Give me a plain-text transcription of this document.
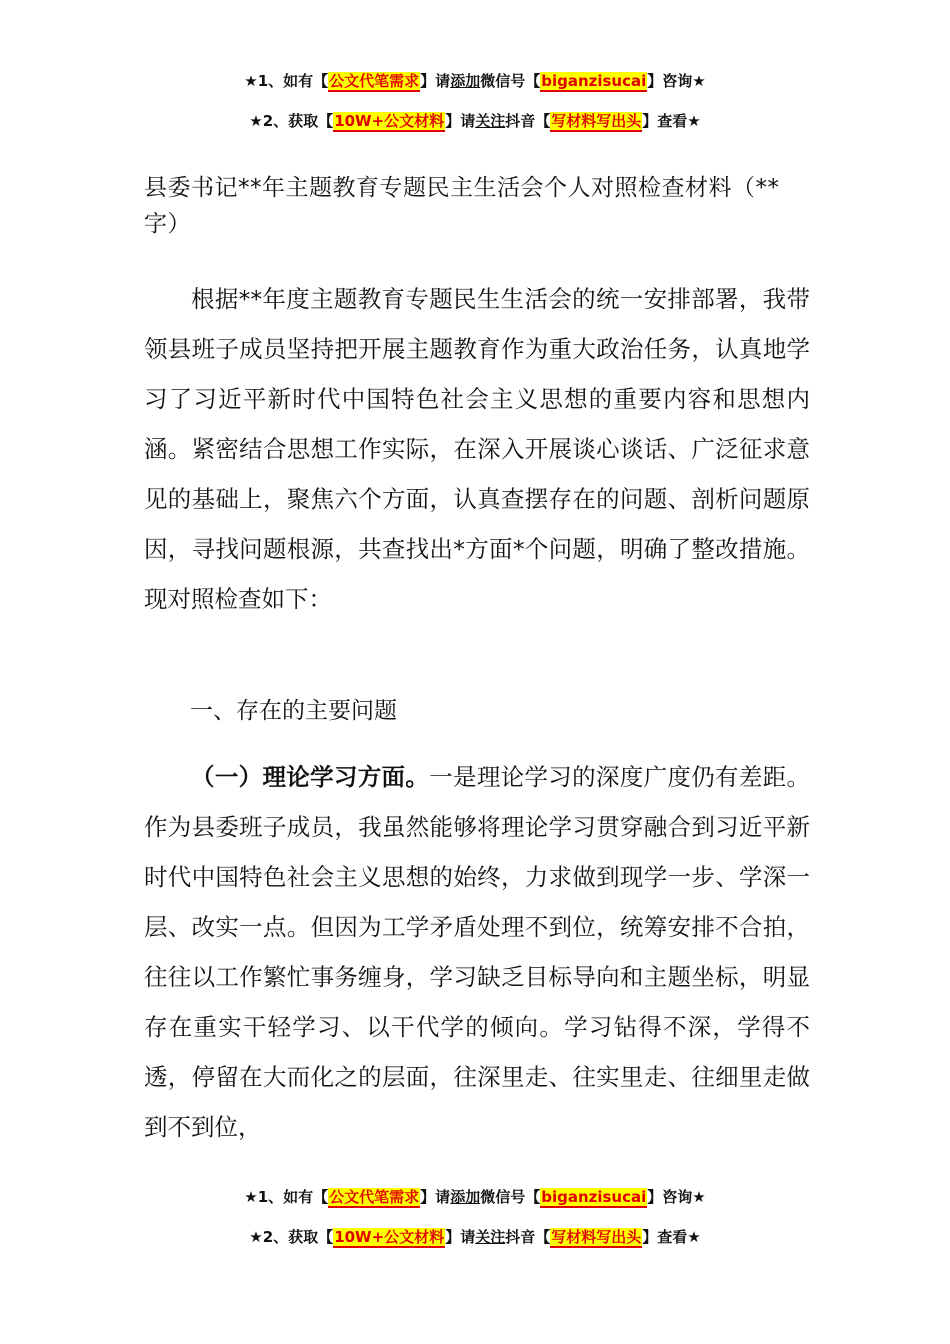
★1、如有【公文代笔需求】请添加微信号【biganzisucai】咨询★
★2、获取【10W+公文材料】请关注抖音【写材料写出头】查看★
县委书记**年主题教育专题民主生活会个人对照检查材料（**字）

根据**年度主题教育专题民生生活会的统一安排部署，我带领县班子成员坚持把开展主题教育作为重大政治任务，认真地学习了习近平新时代中国特色社会主义思想的重要内容和思想内涵。紧密结合思想工作实际，在深入开展谈心谈话、广泛征求意见的基础上，聚焦六个方面，认真查摆存在的问题、剖析问题原因，寻找问题根源，共查找出*方面*个问题，明确了整改措施。现对照检查如下：

一、存在的主要问题

（一）理论学习方面。一是理论学习的深度广度仍有差距。作为县委班子成员，我虽然能够将理论学习贯穿融合到习近平新时代中国特色社会主义思想的始终，力求做到现学一步、学深一层、改实一点。但因为工学矛盾处理不到位，统筹安排不合拍，往往以工作繁忙事务缠身，学习缺乏目标导向和主题坐标，明显存在重实干轻学习、以干代学的倾向。学习钻得不深，学得不透，停留在大而化之的层面，往深里走、往实里走、往细里走做到不到位，

★1、如有【公文代笔需求】请添加微信号【biganzisucai】咨询★
★2、获取【10W+公文材料】请关注抖音【写材料写出头】查看★
